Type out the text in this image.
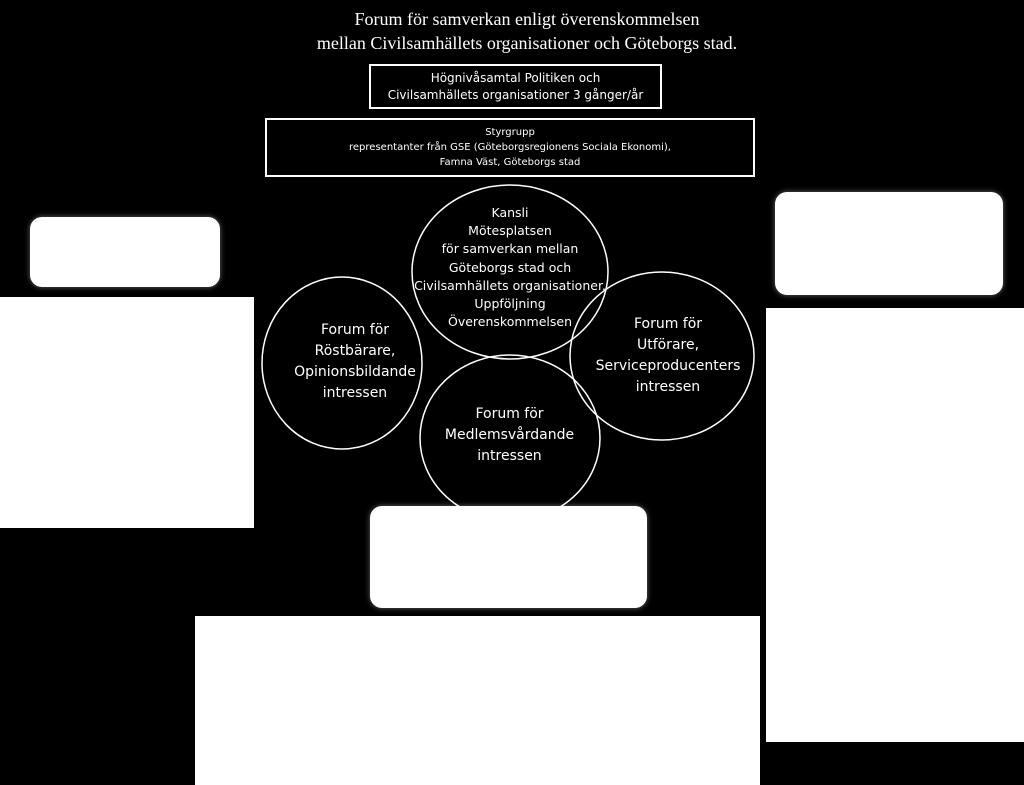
Forum för samverkan enligt överenskommelsen
mellan Civilsamhällets organisationer och Göteborgs stad.
Högnivåsamtal Politiken och
Civilsamhällets organisationer 3 gånger/år
Styrgrupp
representanter från GSE (Göteborgsregionens Sociala Ekonomi),
Famna Väst, Göteborgs stad
Kansli
Mötesplatsen
för samverkan mellan
Göteborgs stad och
Civilsamhällets organisationer.
Uppföljning
Överenskommelsen
Forum för
Röstbärare,
Opinionsbildande
intressen
Forum för
Utförare,
Serviceproducenters
intressen
Forum för
Medlemsvårdande
intressen
